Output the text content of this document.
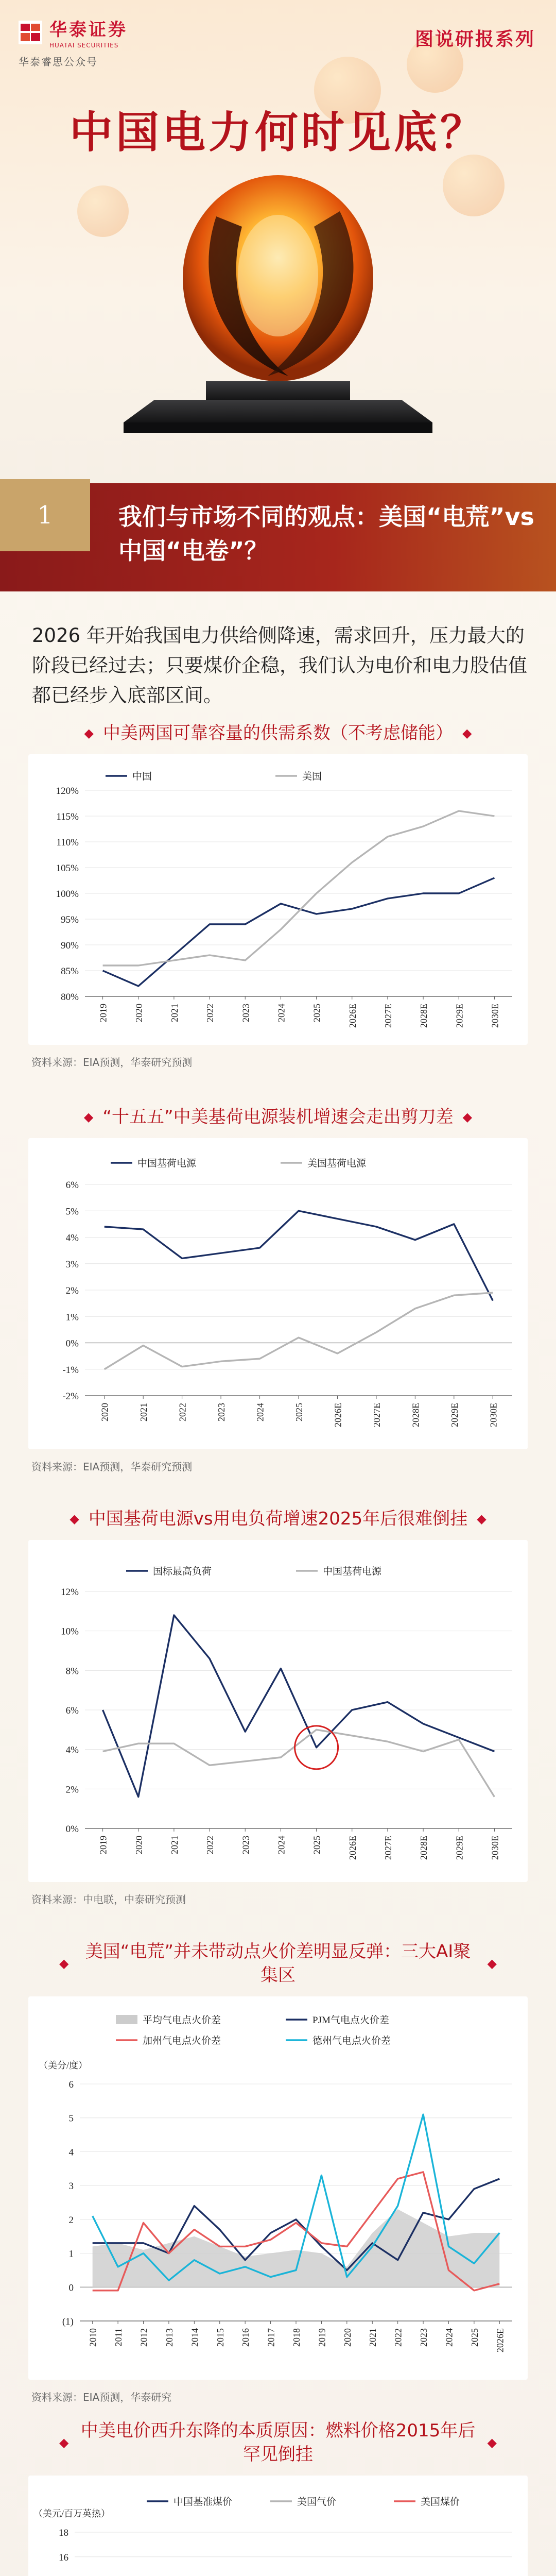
华泰证券
HUATAI SECURITIES
华泰睿思公众号
图说研报系列
中国电力何时见底？
1	我们与市场不同的观点：美国“电荒”vs中国“电卷”？
2026 年开始我国电力供给侧降速，需求回升，压力最大的阶段已经过去；只要煤价企稳，我们认为电价和电力股估值都已经步入底部区间。
◆ 中美两国可靠容量的供需系数（不考虑储能） ◆
80%
85%
90%
95%
100%
105%
110%
115%
120%
2019	2020	2021	2022	2023	2024	2025	2026E	2027E	2028E	2029E	2030E
中国	美国
资料来源：EIA预测，华泰研究预测
◆ “十五五”中美基荷电源装机增速会走出剪刀差 ◆
-2%
-1%
0%
1%
2%
3%
4%
5%
6%
2020	2021	2022	2023	2024	2025	2026E	2027E	2028E	2029E	2030E
中国基荷电源	美国基荷电源
资料来源：EIA预测，华泰研究预测
◆ 中国基荷电源vs用电负荷增速2025年后很难倒挂 ◆
0%
2%
4%
6%
8%
10%
12%
2019	2020	2021	2022	2023	2024	2025	2026E	2027E	2028E	2029E	2030E
国标最高负荷	中国基荷电源
资料来源：中电联，中泰研究预测
◆
美国“电荒”并未带动点火价差明显反弹：三大AI聚集区
◆
(1)
0
1
2
3
4
5
6
（美分/度）
2010 2011 2012 2013 2014 2015 2016 2017 2018 2019 2020 2021 2022 2023 2024 2025 2026E
平均气电点火价差	PJM气电点火价差
加州气电点火价差	德州气电点火价差
资料来源：EIA预测，华泰研究
◆
中美电价西升东降的本质原因：燃料价格2015年后罕见倒挂
◆
16
18
（美元/百万英热）
中国基准煤价	美国气价	美国煤价
